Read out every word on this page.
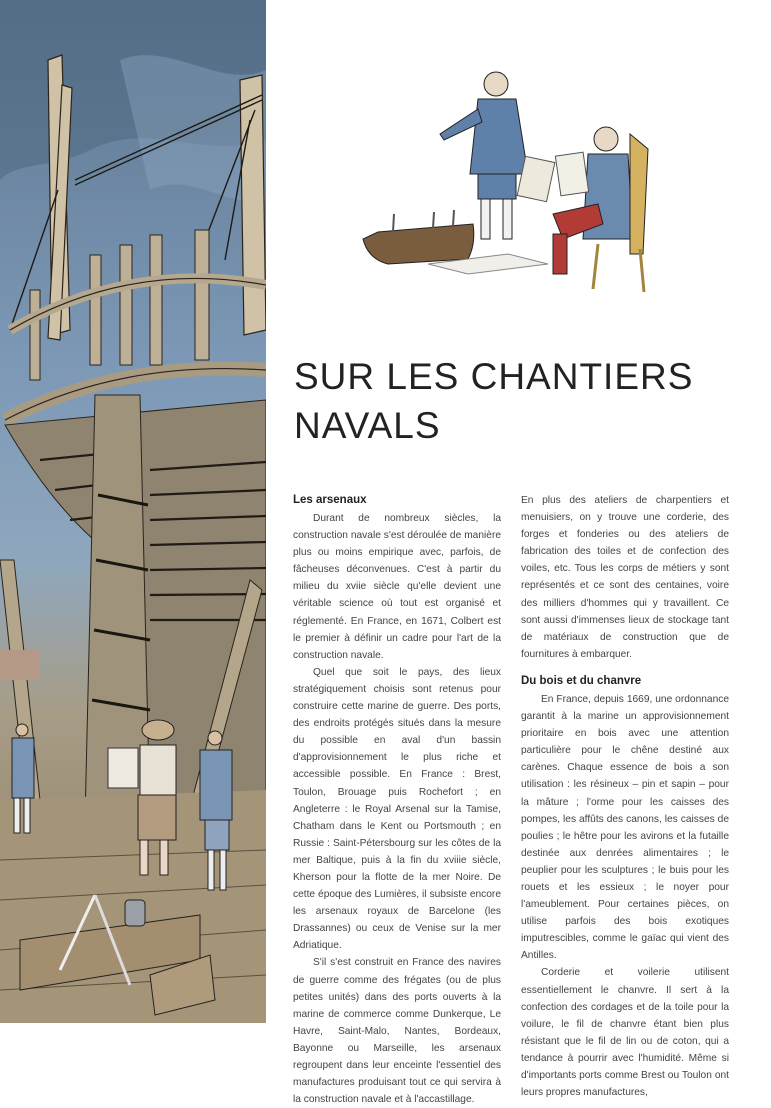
SUR LES CHANTIERS
NAVALS
Les arsenaux

Durant de nombreux siècles, la construction navale s'est déroulée de manière plus ou moins empirique avec, parfois, de fâcheuses déconvenues. C'est à partir du milieu du xviie siècle qu'elle devient une véritable science où tout est organisé et réglementé. En France, en 1671, Colbert est le premier à définir un cadre pour l'art de la construction navale.

Quel que soit le pays, des lieux stratégiquement choisis sont retenus pour construire cette marine de guerre. Des ports, des endroits protégés situés dans la mesure du possible en aval d'un bassin d'approvisionnement le plus riche et accessible possible. En France : Brest, Toulon, Brouage puis Rochefort ; en Angleterre : le Royal Arsenal sur la Tamise, Chatham dans le Kent ou Portsmouth ; en Russie : Saint-Pétersbourg sur les côtes de la mer Baltique, puis à la fin du xviiie siècle, Kherson pour la flotte de la mer Noire. De cette époque des Lumières, il subsiste encore les arsenaux royaux de Barcelone (les Drassannes) ou ceux de Venise sur la mer Adriatique.

S'il s'est construit en France des navires de guerre comme des frégates (ou de plus petites unités) dans des ports ouverts à la marine de commerce comme Dunkerque, Le Havre, Saint-Malo, Nantes, Bordeaux, Bayonne ou Marseille, les arsenaux regroupent dans leur enceinte l'essentiel des manufactures produisant tout ce qui servira à la construction navale et à l'accastillage.

En plus des ateliers de charpentiers et menuisiers, on y trouve une corderie, des forges et fonderies ou des ateliers de fabrication des toiles et de confection des voiles, etc. Tous les corps de métiers y sont représentés et ce sont des centaines, voire des milliers d'hommes qui y travaillent. Ce sont aussi d'immenses lieux de stockage tant de matériaux de construction que de fournitures à embarquer.

Du bois et du chanvre

En France, depuis 1669, une ordonnance garantit à la marine un approvisionnement prioritaire en bois avec une attention particulière pour le chêne destiné aux carènes. Chaque essence de bois a son utilisation : les résineux – pin et sapin – pour la mâture ; l'orme pour les caisses des pompes, les affûts des canons, les caisses de poulies ; le hêtre pour les avirons et la futaille destinée aux denrées alimentaires ; le peuplier pour les sculptures ; le buis pour les rouets et les essieux ; le noyer pour l'ameublement. Pour certaines pièces, on utilise parfois des bois exotiques imputrescibles, comme le gaïac qui vient des Antilles.

Corderie et voilerie utilisent essentiellement le chanvre. Il sert à la confection des cordages et de la toile pour la voilure, le fil de chanvre étant bien plus résistant que le fil de lin ou de coton, qui a tendance à pourrir avec l'humidité. Même si d'importants ports comme Brest ou Toulon ont leurs propres manufactures,
